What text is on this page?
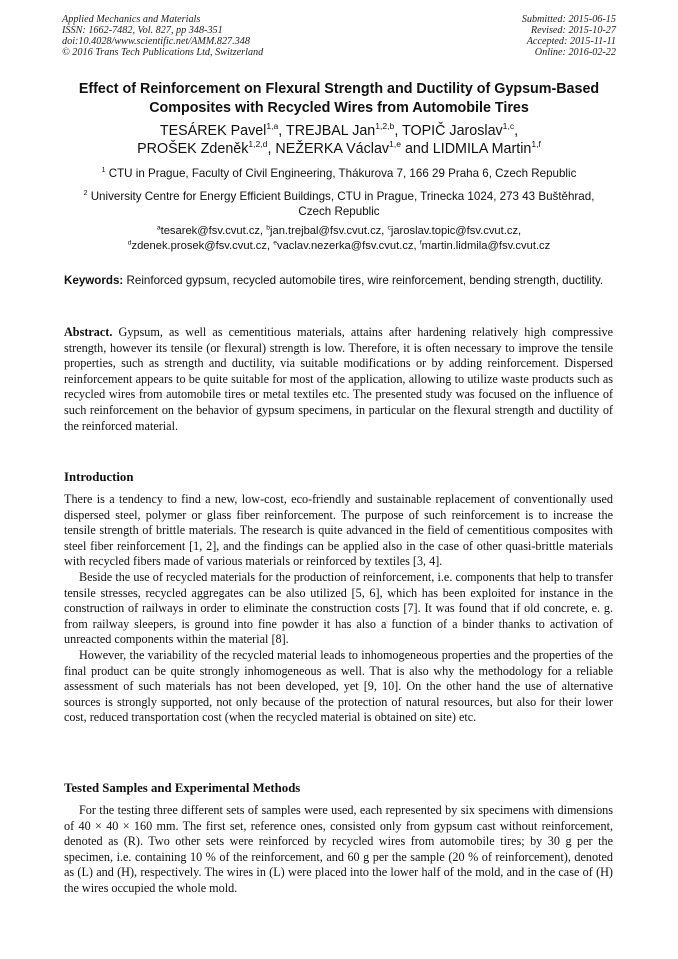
Applied Mechanics and Materials
ISSN: 1662-7482, Vol. 827, pp 348-351
doi:10.4028/www.scientific.net/AMM.827.348
© 2016 Trans Tech Publications Ltd, Switzerland
Submitted: 2015-06-15
Revised: 2015-10-27
Accepted: 2015-11-11
Online: 2016-02-22
Effect of Reinforcement on Flexural Strength and Ductility of Gypsum-Based Composites with Recycled Wires from Automobile Tires
TESÁREK Pavel$^{1,a}$, TREJBAL Jan$^{1,2,b}$, TOPIČ Jaroslav$^{1,c}$,
PROŠEK Zdeněk$^{1,2,d}$, NEŽERKA Václav$^{1,e}$ and LIDMILA Martin$^{1,f}$
$^1$ CTU in Prague, Faculty of Civil Engineering, Thákurova 7, 166 29 Praha 6, Czech Republic
$^2$ University Centre for Energy Efficient Buildings, CTU in Prague, Trinecka 1024, 273 43 Buštěhrad, Czech Republic
$^a$tesarek@fsv.cvut.cz, $^b$jan.trejbal@fsv.cvut.cz, $^c$jaroslav.topic@fsv.cvut.cz,
$^d$zdenek.prosek@fsv.cvut.cz, $^e$vaclav.nezerka@fsv.cvut.cz, $^f$martin.lidmila@fsv.cvut.cz
Keywords: Reinforced gypsum, recycled automobile tires, wire reinforcement, bending strength, ductility.
Abstract. Gypsum, as well as cementitious materials, attains after hardening relatively high compressive strength, however its tensile (or flexural) strength is low. Therefore, it is often necessary to improve the tensile properties, such as strength and ductility, via suitable modifications or by adding reinforcement. Dispersed reinforcement appears to be quite suitable for most of the application, allowing to utilize waste products such as recycled wires from automobile tires or metal textiles etc. The presented study was focused on the influence of such reinforcement on the behavior of gypsum specimens, in particular on the flexural strength and ductility of the reinforced material.
Introduction

There is a tendency to find a new, low-cost, eco-friendly and sustainable replacement of conventionally used dispersed steel, polymer or glass fiber reinforcement. The purpose of such reinforcement is to increase the tensile strength of brittle materials. The research is quite advanced in the field of cementitious composites with steel fiber reinforcement [1, 2], and the findings can be applied also in the case of other quasi-brittle materials with recycled fibers made of various materials or reinforced by textiles [3, 4].

Beside the use of recycled materials for the production of reinforcement, i.e. components that help to transfer tensile stresses, recycled aggregates can be also utilized [5, 6], which has been exploited for instance in the construction of railways in order to eliminate the construction costs [7]. It was found that if old concrete, e. g. from railway sleepers, is ground into fine powder it has also a function of a binder thanks to activation of unreacted components within the material [8].

However, the variability of the recycled material leads to inhomogeneous properties and the properties of the final product can be quite strongly inhomogeneous as well. That is also why the methodology for a reliable assessment of such materials has not been developed, yet [9, 10]. On the other hand the use of alternative sources is strongly supported, not only because of the protection of natural resources, but also for their lower cost, reduced transportation cost (when the recycled material is obtained on site) etc.

Tested Samples and Experimental Methods

For the testing three different sets of samples were used, each represented by six specimens with dimensions of 40 × 40 × 160 mm. The first set, reference ones, consisted only from gypsum cast without reinforcement, denoted as (R). Two other sets were reinforced by recycled wires from automobile tires; by 30 g per the specimen, i.e. containing 10 % of the reinforcement, and 60 g per the sample (20 % of reinforcement), denoted as (L) and (H), respectively. The wires in (L) were placed into the lower half of the mold, and in the case of (H) the wires occupied the whole mold.
